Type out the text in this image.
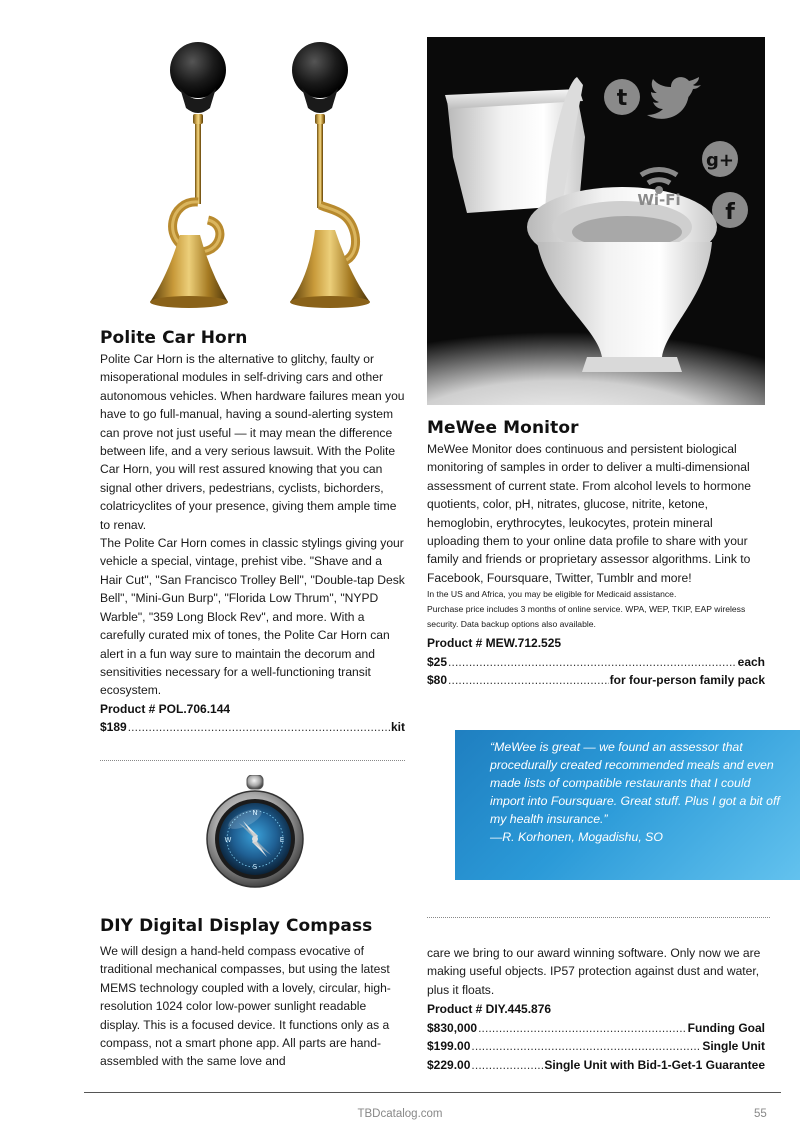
Polite Car Horn
Polite Car Horn is the alternative to glitchy, faulty or misoperational modules in self-driving cars and other autonomous vehicles. When hardware failures mean you have to go full-manual, having a sound-alerting system can prove not just useful — it may mean the difference between life, and a very serious lawsuit. With the Polite Car Horn, you will rest assured knowing that you can signal other drivers, pedestrians, cyclists, bichorders, colatricyclites of your presence, giving them ample time to renav.
The Polite Car Horn comes in classic stylings giving your vehicle a special, vintage, prehist vibe. "Shave and a Hair Cut", "San Francisco Trolley Bell", "Double-tap Desk Bell", "Mini-Gun Burp", "Florida Low Thrum", "NYPD Warble", "359 Long Block Rev", and more. With a carefully curated mix of tones, the Polite Car Horn can alert in a fun way sure to maintain the decorum and sensitivities necessary for a well-functioning transit ecosystem.
Product # POL.706.144
$189 . . .	kit
N
S
W	E
DIY Digital Display Compass
We will design a hand-held compass evocative of traditional mechanical compasses, but using the latest MEMS technology coupled with a lovely, circular, high-resolution 1024 color low-power sunlight readable display. This is a focused device. It functions only as a compass, not a smart phone app. All parts are hand-assembled with the same love and
t
g+
Wi-Fi f
MeWee Monitor
MeWee Monitor does continuous and persistent biological monitoring of samples in order to deliver a multi-dimensional assessment of current state. From alcohol levels to hormone quotients, color, pH, nitrates, glucose, nitrite, ketone, hemoglobin, erythrocytes, leukocytes, protein mineral uploading them to your online data profile to share with your family and friends or proprietary assessor algorithms. Link to Facebook, Foursquare, Twitter, Tumblr and more!
In the US and Africa, you may be eligible for Medicaid assistance.
Purchase price includes 3 months of online service. WPA, WEP, TKIP, EAP wireless security. Data backup options also available.
Product # MEW.712.525
$25 . . .	each
$80 . . .	for four-person family pack
“MeWee is great — we found an assessor that procedurally created recommended meals and even made lists of compatible restaurants that I could import into Foursquare. Great stuff. Plus I got a bit off my health insurance.”
—R. Korhonen, Mogadishu, SO
care we bring to our award winning software. Only now we are making useful objects. IP57 protection against dust and water, plus it floats.
Product # DIY.445.876
$830,000 . . .	Funding Goal
$199.00 . . .	Single Unit
$229.00 . . .	Single Unit with Bid-1-Get-1 Guarantee
TBDcatalog.com	55
